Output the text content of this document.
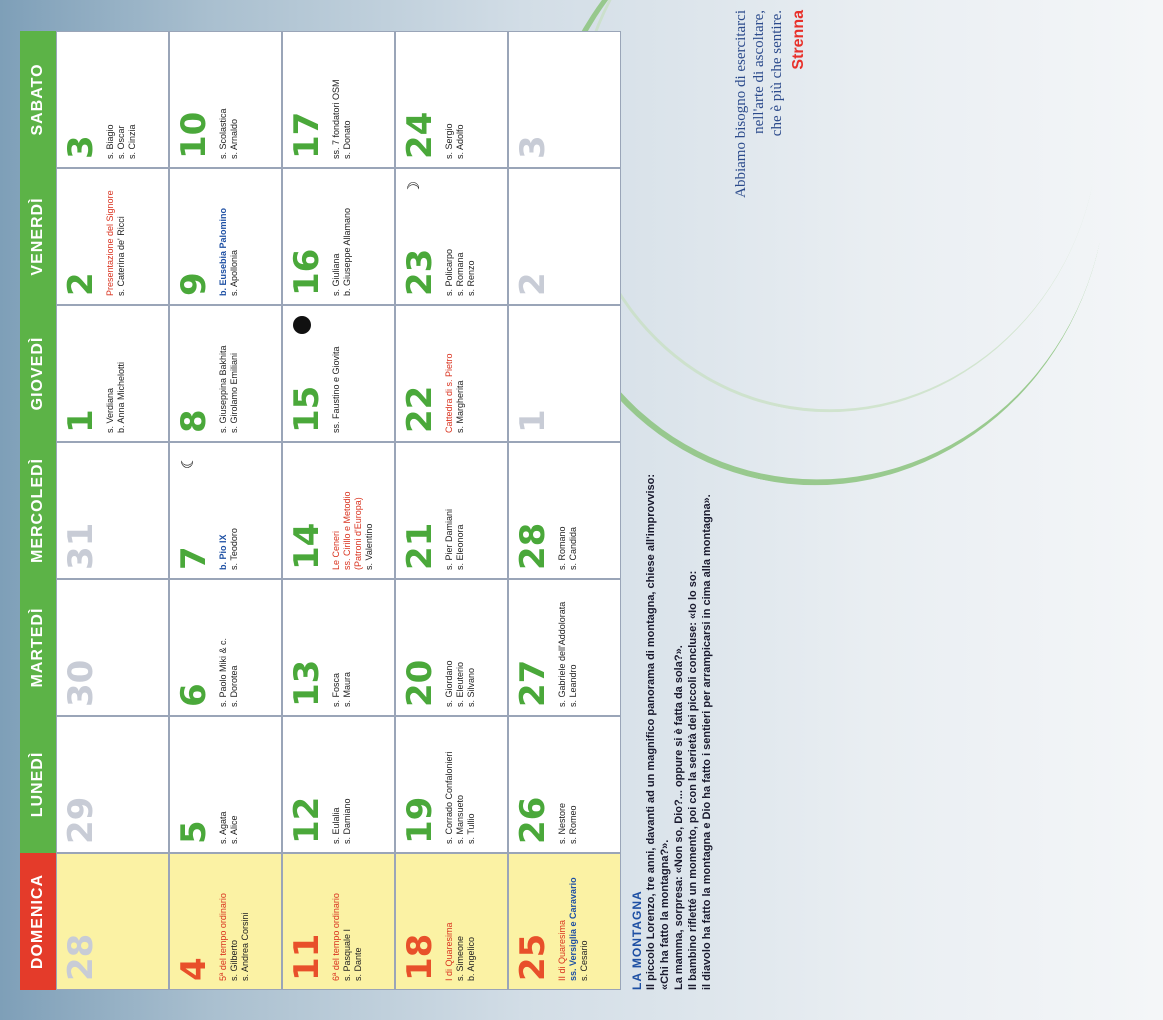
DOMENICA
LUNEDÌ
MARTEDÌ
MERCOLEDÌ
GIOVEDÌ
VENERDÌ
SABATO
28
29
30
31
1 s. Verdiana b. Anna Michelotti
2 Presentazione del Signore s. Caterina de' Ricci
3 s. Biagio s. Oscar s. Cinzia
4 5ª del tempo ordinario s. Gilberto s. Andrea Corsini
5 s. Agata s. Alice
6 s. Paolo Miki & c. s. Dorotea
7
☾
b. Pio IX s. Teodoro
8 s. Giuseppina Bakhita s. Girolamo Emiliani
9 b. Eusebia Palomino s. Apollonia
10 s. Scolastica s. Arnaldo
11 6ª del tempo ordinario s. Pasquale I s. Dante
12 s. Eulalia s. Damiano
13 s. Fosca s. Maura
14 Le Ceneri ss. Cirillo e Metodio (Patroni d'Europa) s. Valentino
15 ss. Faustino e Giovita
16 s. Giuliana b. Giuseppe Allamano
17 ss. 7 fondatori OSM s. Donato
18 I di Quaresima s. Simeone b. Angelico
19 s. Corrado Confalonieri s. Mansueto s. Tullio
20 s. Giordano s. Eleuterio s. Silvano
21 s. Pier Damiani s. Eleonora
22 Cattedra di s. Pietro s. Margherita
23
☽
s. Policarpo s. Romana s. Renzo
24 s. Sergio s. Adolfo
25 II di Quaresima ss. Versiglia e Caravario s. Cesario
26 s. Nestore s. Romeo
27 s. Gabriele dell'Addolorata s. Leandro
28 s. Romano s. Candida
1
2
3
LA MONTAGNA Il piccolo Lorenzo, tre anni, davanti ad un magnifico panorama di montagna, chiese all'improvviso: «Chi ha fatto la montagna?». La mamma, sorpresa: «Non so, Dio?... oppure si è fatta da sola?». Il bambino rifletté un momento, poi con la serietà dei piccoli concluse: «Io lo so: il diavolo ha fatto la montagna e Dio ha fatto i sentieri per arrampicarsi in cima alla montagna».
Abbiamo bisogno di esercitarci nell'arte di ascoltare, che è più che sentire. Strenna
